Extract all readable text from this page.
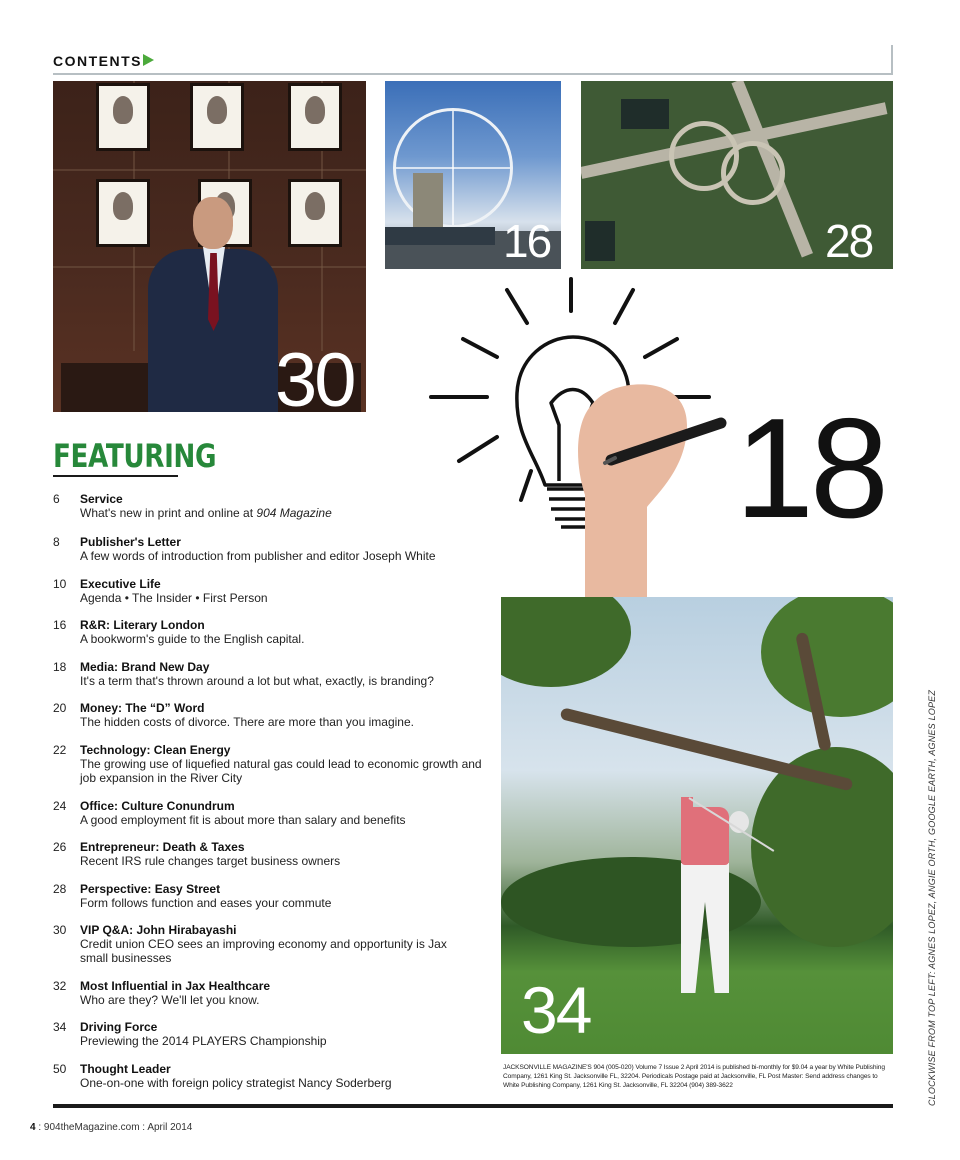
CONTENTS
30
16	28
18
34
FEATURING
6 Service
What's new in print and online at 904 Magazine
8 Publisher's Letter
A few words of introduction from publisher and editor Joseph White
10 Executive Life
Agenda • The Insider • First Person
16 R&R: Literary London
A bookworm's guide to the English capital.
18 Media: Brand New Day
It's a term that's thrown around a lot but what, exactly, is branding?
20 Money: The “D” Word
The hidden costs of divorce. There are more than you imagine.
22 Technology: Clean Energy
The growing use of liquefied natural gas could lead to economic growth and job expansion in the River City
24 Office: Culture Conundrum
A good employment fit is about more than salary and benefits
26 Entrepreneur: Death & Taxes
Recent IRS rule changes target business owners
28 Perspective: Easy Street
Form follows function and eases your commute
30 VIP Q&A: John Hirabayashi
Credit union CEO sees an improving economy and opportunity is Jax small businesses
32 Most Influential in Jax Healthcare
Who are they? We'll let you know.
34 Driving Force
Previewing the 2014 PLAYERS Championship
50 Thought Leader
One-on-one with foreign policy strategist Nancy Soderberg
JACKSONVILLE MAGAZINE'S 904 (005-020) Volume 7 Issue 2 April 2014 is published bi-monthly for $9.04 a year by White Publishing Company, 1261 King St. Jacksonville FL, 32204. Periodicals Postage paid at Jacksonville, FL Post Master: Send address changes to White Publishing Company, 1261 King St. Jacksonville, FL 32204 (904) 389-3622	CLOCKWISE FROM TOP LEFT: AGNES LOPEZ, ANGIE ORTH, GOOGLE EARTH, AGNES LOPEZ
4 : 904theMagazine.com : April 2014
